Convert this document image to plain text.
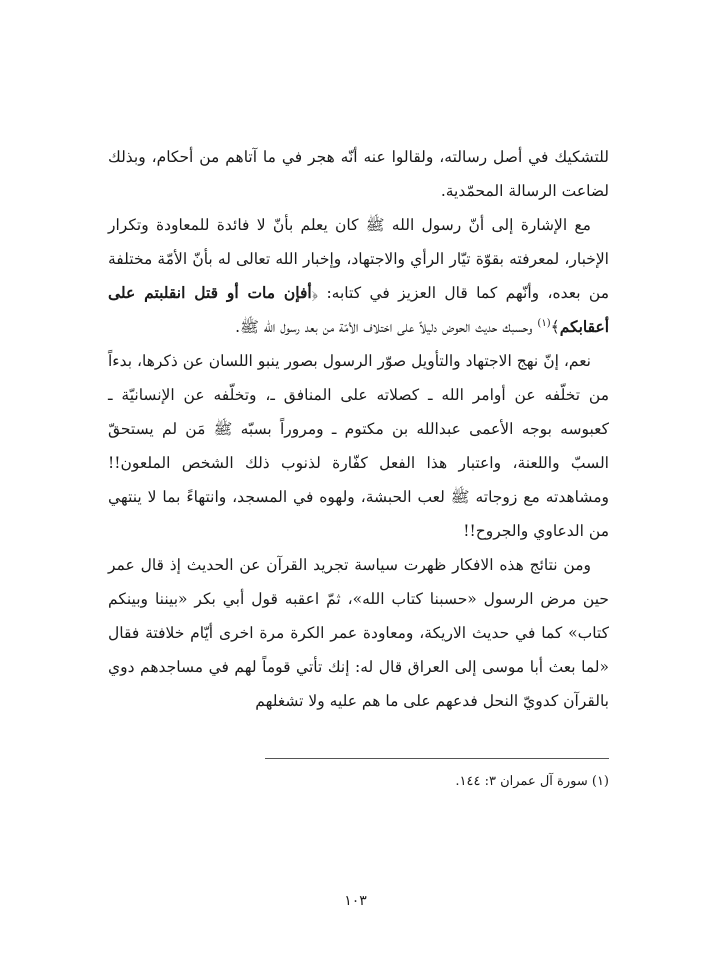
للتشكيك في أصل رسالته، ولقالوا عنه أنّه هجر في ما آتاهم من أحكام، وبذلك لضاعت الرسالة المحمّدية.

مع الإشارة إلى أنّ رسول الله ﷺ كان يعلم بأنّ لا فائدة للمعاودة وتكرار الإخبار، لمعرفته بقوّة تيّار الرأي والاجتهاد، وإخبار الله تعالى له بأنّ الأمّة مختلفة من بعده، وأنّهم كما قال العزيز في كتابه: ﴿أفإن مات أو قتل انقلبتم على أعقابكم﴾$^{(١)}$ وحسبك حديث الحوض دليلاً على اختلاف الأمّة من بعد رسول الله ﷺ.

نعم، إنّ نهج الاجتهاد والتأويل صوّر الرسول بصور ينبو اللسان عن ذكرها، بدءاً من تخلّفه عن أوامر الله ـ كصلاته على المنافق ـ، وتخلّفه عن الإنسانيّة ـ كعبوسه بوجه الأعمى عبدالله بن مكتوم ـ ومروراً بسبّه ﷺ مَن لم يستحقّ السبّ واللعنة، واعتبار هذا الفعل كفّارة لذنوب ذلك الشخص الملعون!! ومشاهدته مع زوجاته ﷺ لعب الحبشة، ولهوه في المسجد، وانتهاءً بما لا ينتهي من الدعاوي والجروح!!

ومن نتائج هذه الافكار ظهرت سياسة تجريد القرآن عن الحديث إذ قال عمر حين مرض الرسول «حسبنا كتاب الله»، ثمّ اعقبه قول أبي بكر «بيننا وبينكم كتاب» كما في حديث الاريكة، ومعاودة عمر الكرة مرة اخرى أيّام خلافتة فقال «لما بعث أبا موسى إلى العراق قال له: إنك تأتي قوماً لهم في مساجدهم دوي بالقرآن كدويّ النحل فدعهم على ما هم عليه ولا تشغلهم

(١) سورة آل عمران ٣: ١٤٤.
١٠٣
